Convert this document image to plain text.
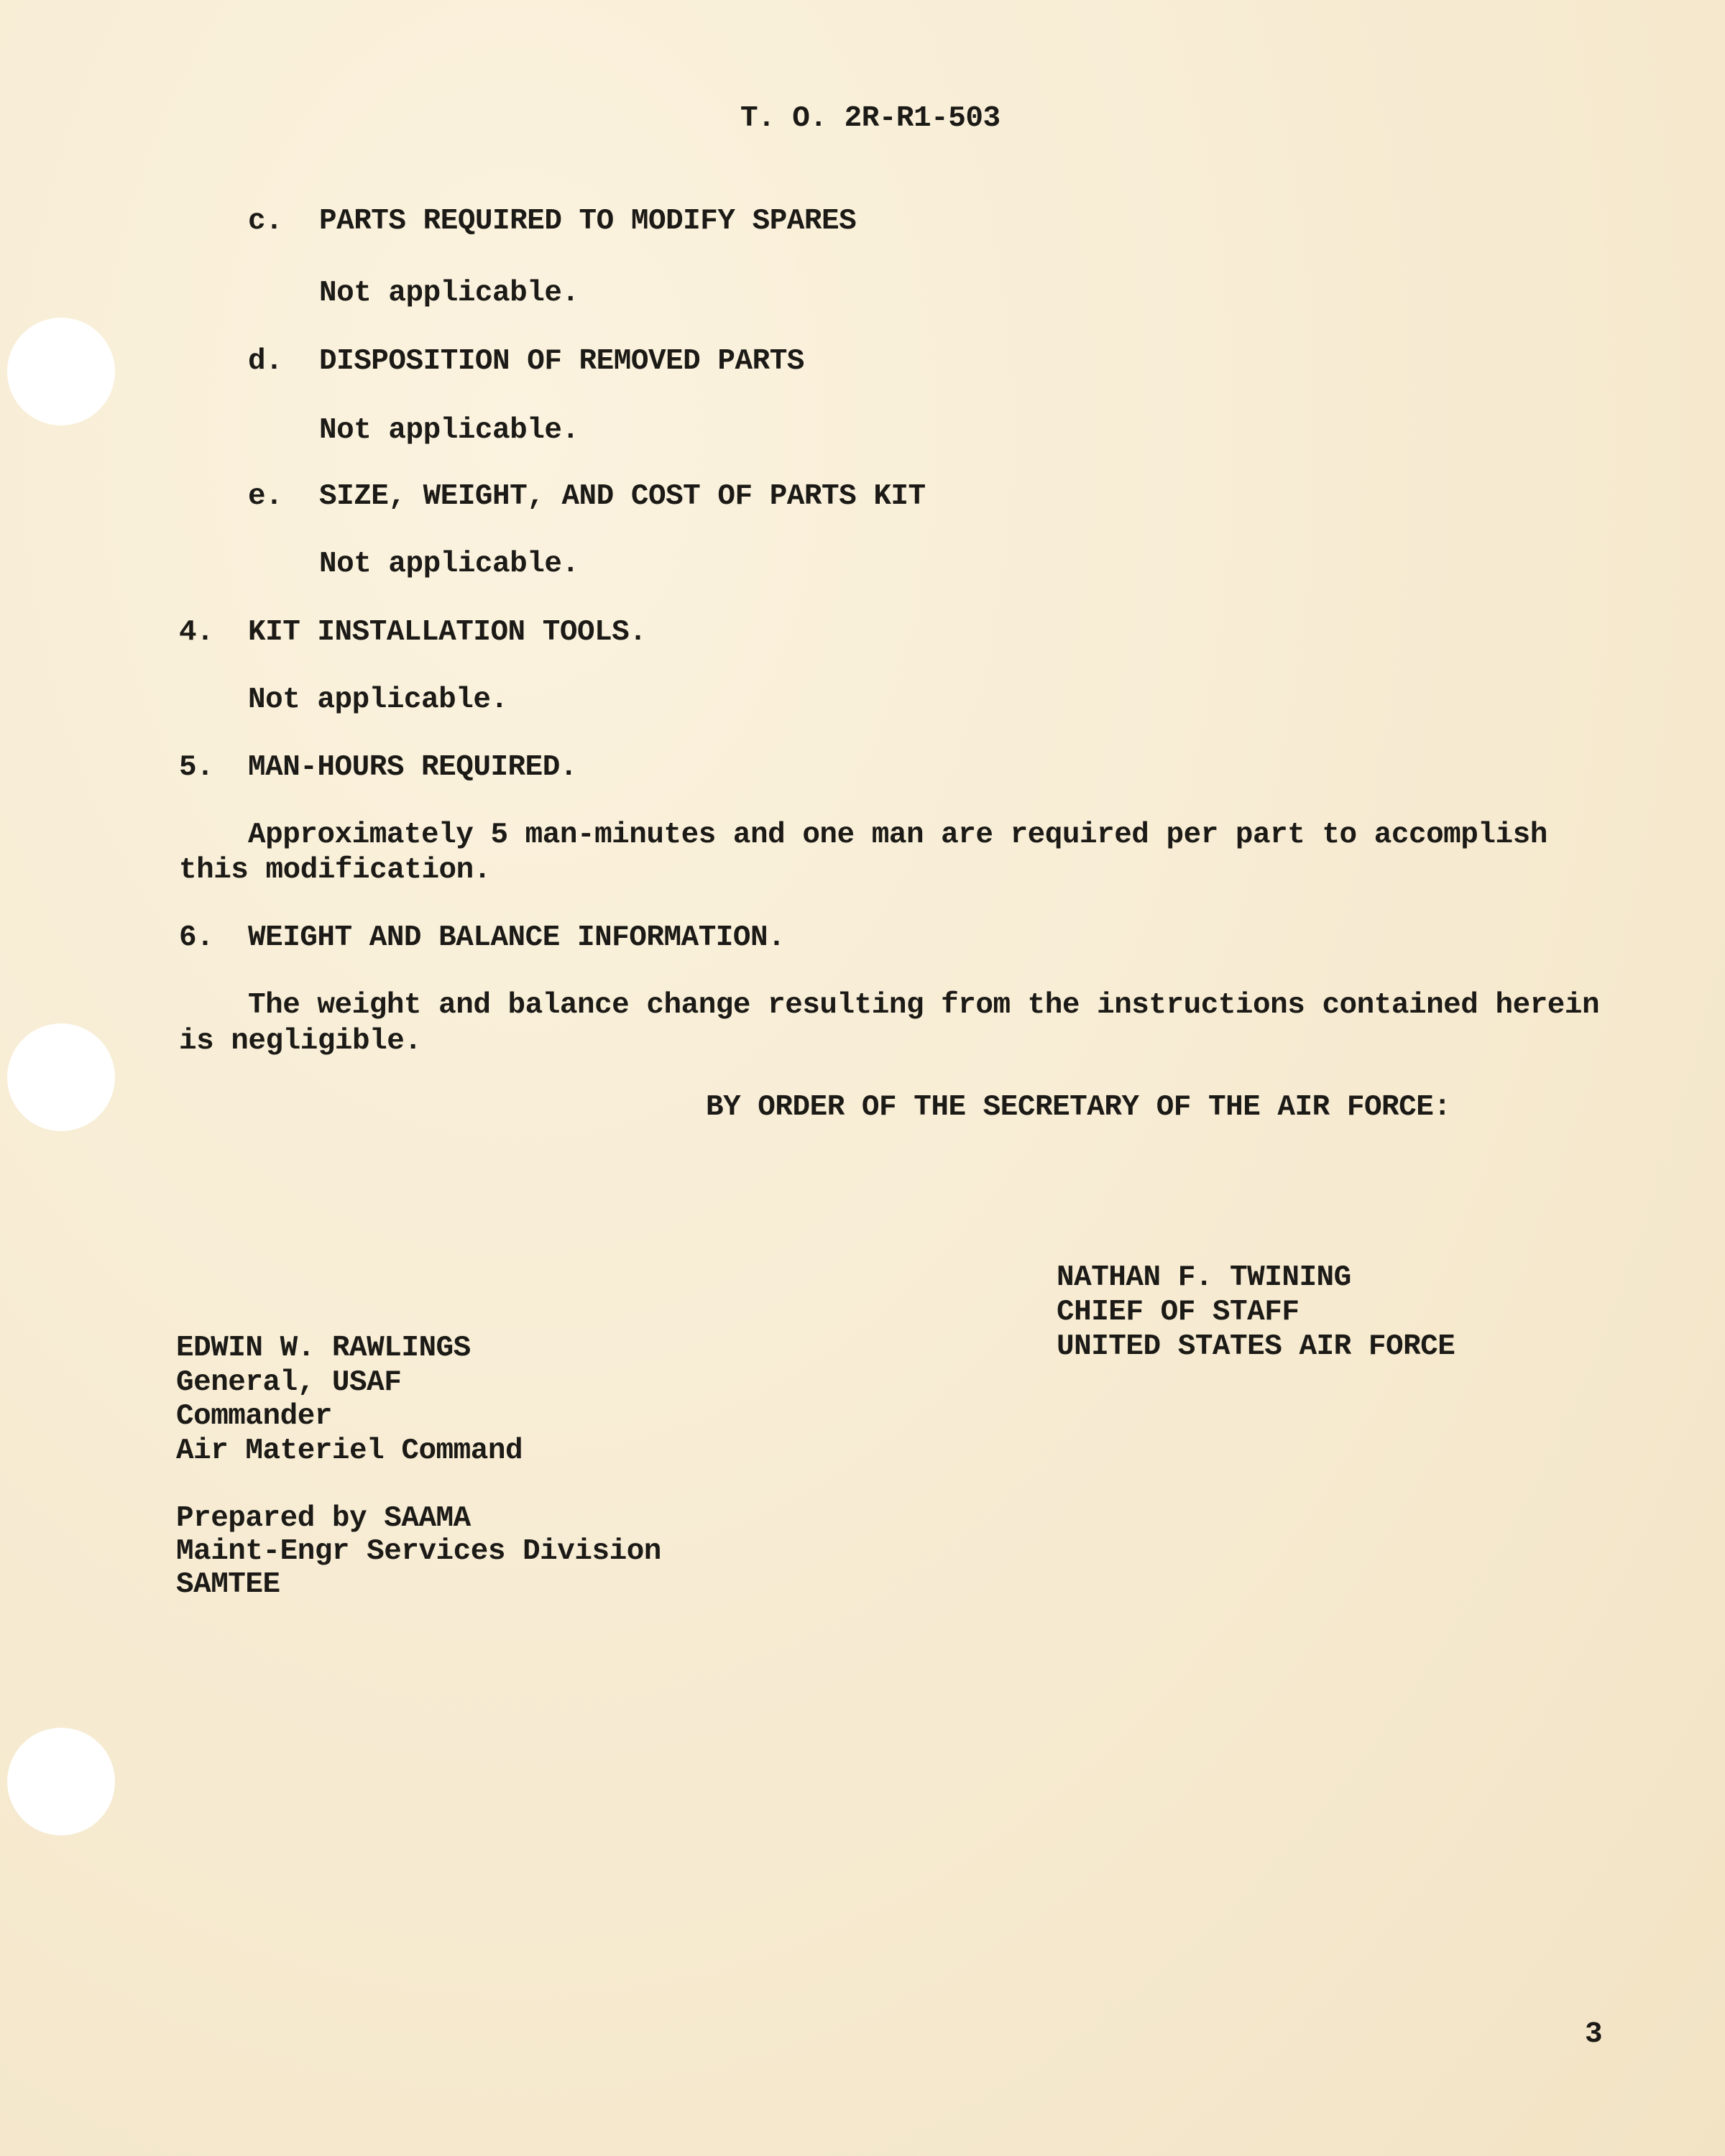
T. O. 2R-R1-503
c. PARTS REQUIRED TO MODIFY SPARES
Not applicable.
d. DISPOSITION OF REMOVED PARTS
Not applicable.
e. SIZE, WEIGHT, AND COST OF PARTS KIT
Not applicable.
4. KIT INSTALLATION TOOLS.
Not applicable.
5. MAN-HOURS REQUIRED.
Approximately 5 man-minutes and one man are required per part to accomplish
this modification.
6. WEIGHT AND BALANCE INFORMATION.
The weight and balance change resulting from the instructions contained herein
is negligible.
BY ORDER OF THE SECRETARY OF THE AIR FORCE:
NATHAN F. TWINING
CHIEF OF STAFF
UNITED STATES AIR FORCE
EDWIN W. RAWLINGS
General, USAF
Commander
Air Materiel Command
Prepared by SAAMA
Maint-Engr Services Division
SAMTEE
3
